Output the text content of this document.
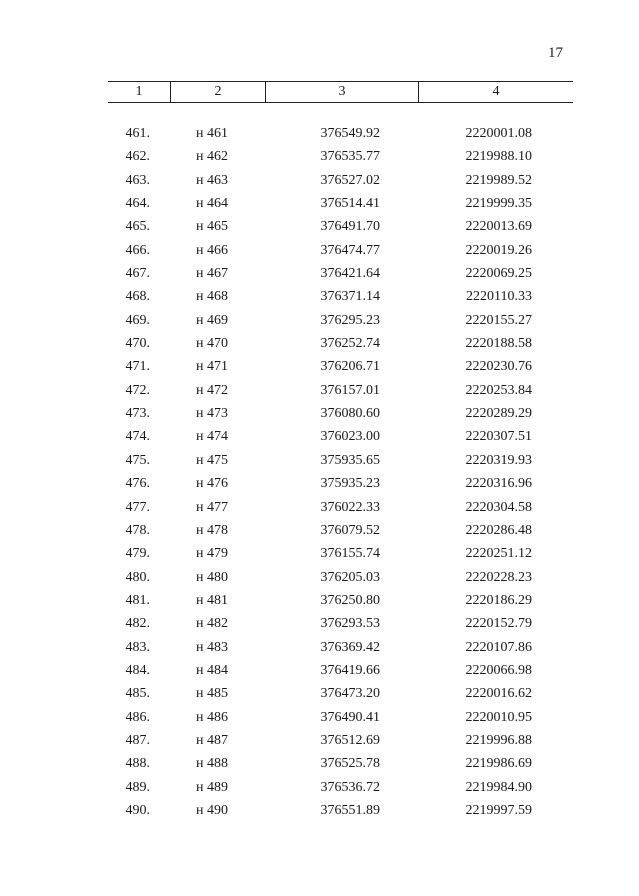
17
1	2	3	4
461.	н 461	376549.92	2220001.08
462.	н 462	376535.77	2219988.10
463.	н 463	376527.02	2219989.52
464.	н 464	376514.41	2219999.35
465.	н 465	376491.70	2220013.69
466.	н 466	376474.77	2220019.26
467.	н 467	376421.64	2220069.25
468.	н 468	376371.14	2220110.33
469.	н 469	376295.23	2220155.27
470.	н 470	376252.74	2220188.58
471.	н 471	376206.71	2220230.76
472.	н 472	376157.01	2220253.84
473.	н 473	376080.60	2220289.29
474.	н 474	376023.00	2220307.51
475.	н 475	375935.65	2220319.93
476.	н 476	375935.23	2220316.96
477.	н 477	376022.33	2220304.58
478.	н 478	376079.52	2220286.48
479.	н 479	376155.74	2220251.12
480.	н 480	376205.03	2220228.23
481.	н 481	376250.80	2220186.29
482.	н 482	376293.53	2220152.79
483.	н 483	376369.42	2220107.86
484.	н 484	376419.66	2220066.98
485.	н 485	376473.20	2220016.62
486.	н 486	376490.41	2220010.95
487.	н 487	376512.69	2219996.88
488.	н 488	376525.78	2219986.69
489.	н 489	376536.72	2219984.90
490.	н 490	376551.89	2219997.59
